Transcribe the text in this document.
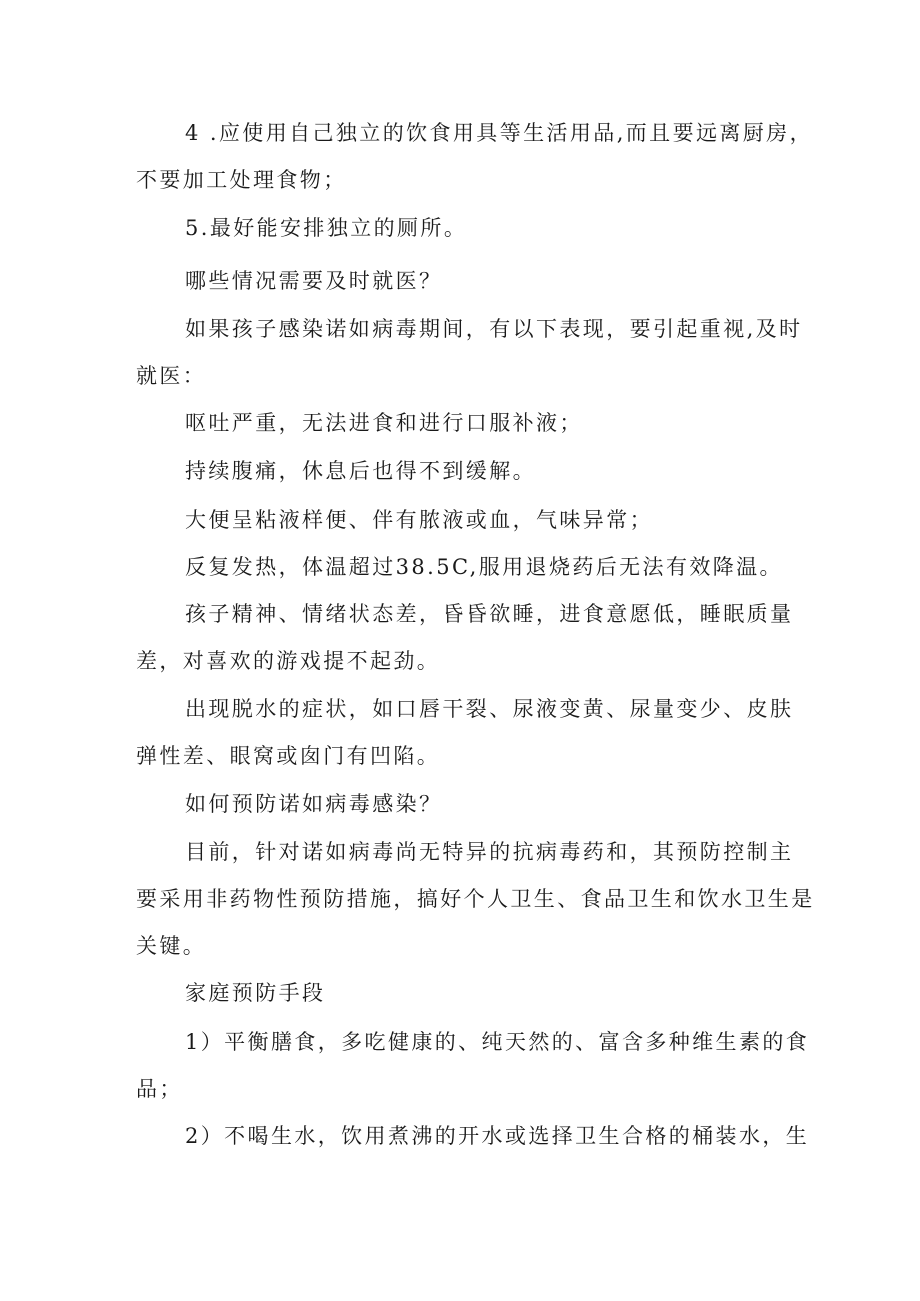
4 .应使用自己独立的饮食用具等生活用品,而且要远离厨房，不要加工处理食物；

5.最好能安排独立的厕所。

哪些情况需要及时就医？

如果孩子感染诺如病毒期间，有以下表现，要引起重视,及时就医：

呕吐严重，无法进食和进行口服补液；

持续腹痛，休息后也得不到缓解。

大便呈粘液样便、伴有脓液或血，气味异常；

反复发热，体温超过38.5C,服用退烧药后无法有效降温。

孩子精神、情绪状态差，昏昏欲睡，进食意愿低，睡眠质量差，对喜欢的游戏提不起劲。

出现脱水的症状，如口唇干裂、尿液变黄、尿量变少、皮肤弹性差、眼窝或囱门有凹陷。

如何预防诺如病毒感染？

目前，针对诺如病毒尚无特异的抗病毒药和，其预防控制主要采用非药物性预防措施，搞好个人卫生、食品卫生和饮水卫生是关键。

家庭预防手段

1）平衡膳食，多吃健康的、纯天然的、富含多种维生素的食品；

2）不喝生水，饮用煮沸的开水或选择卫生合格的桶装水，生
